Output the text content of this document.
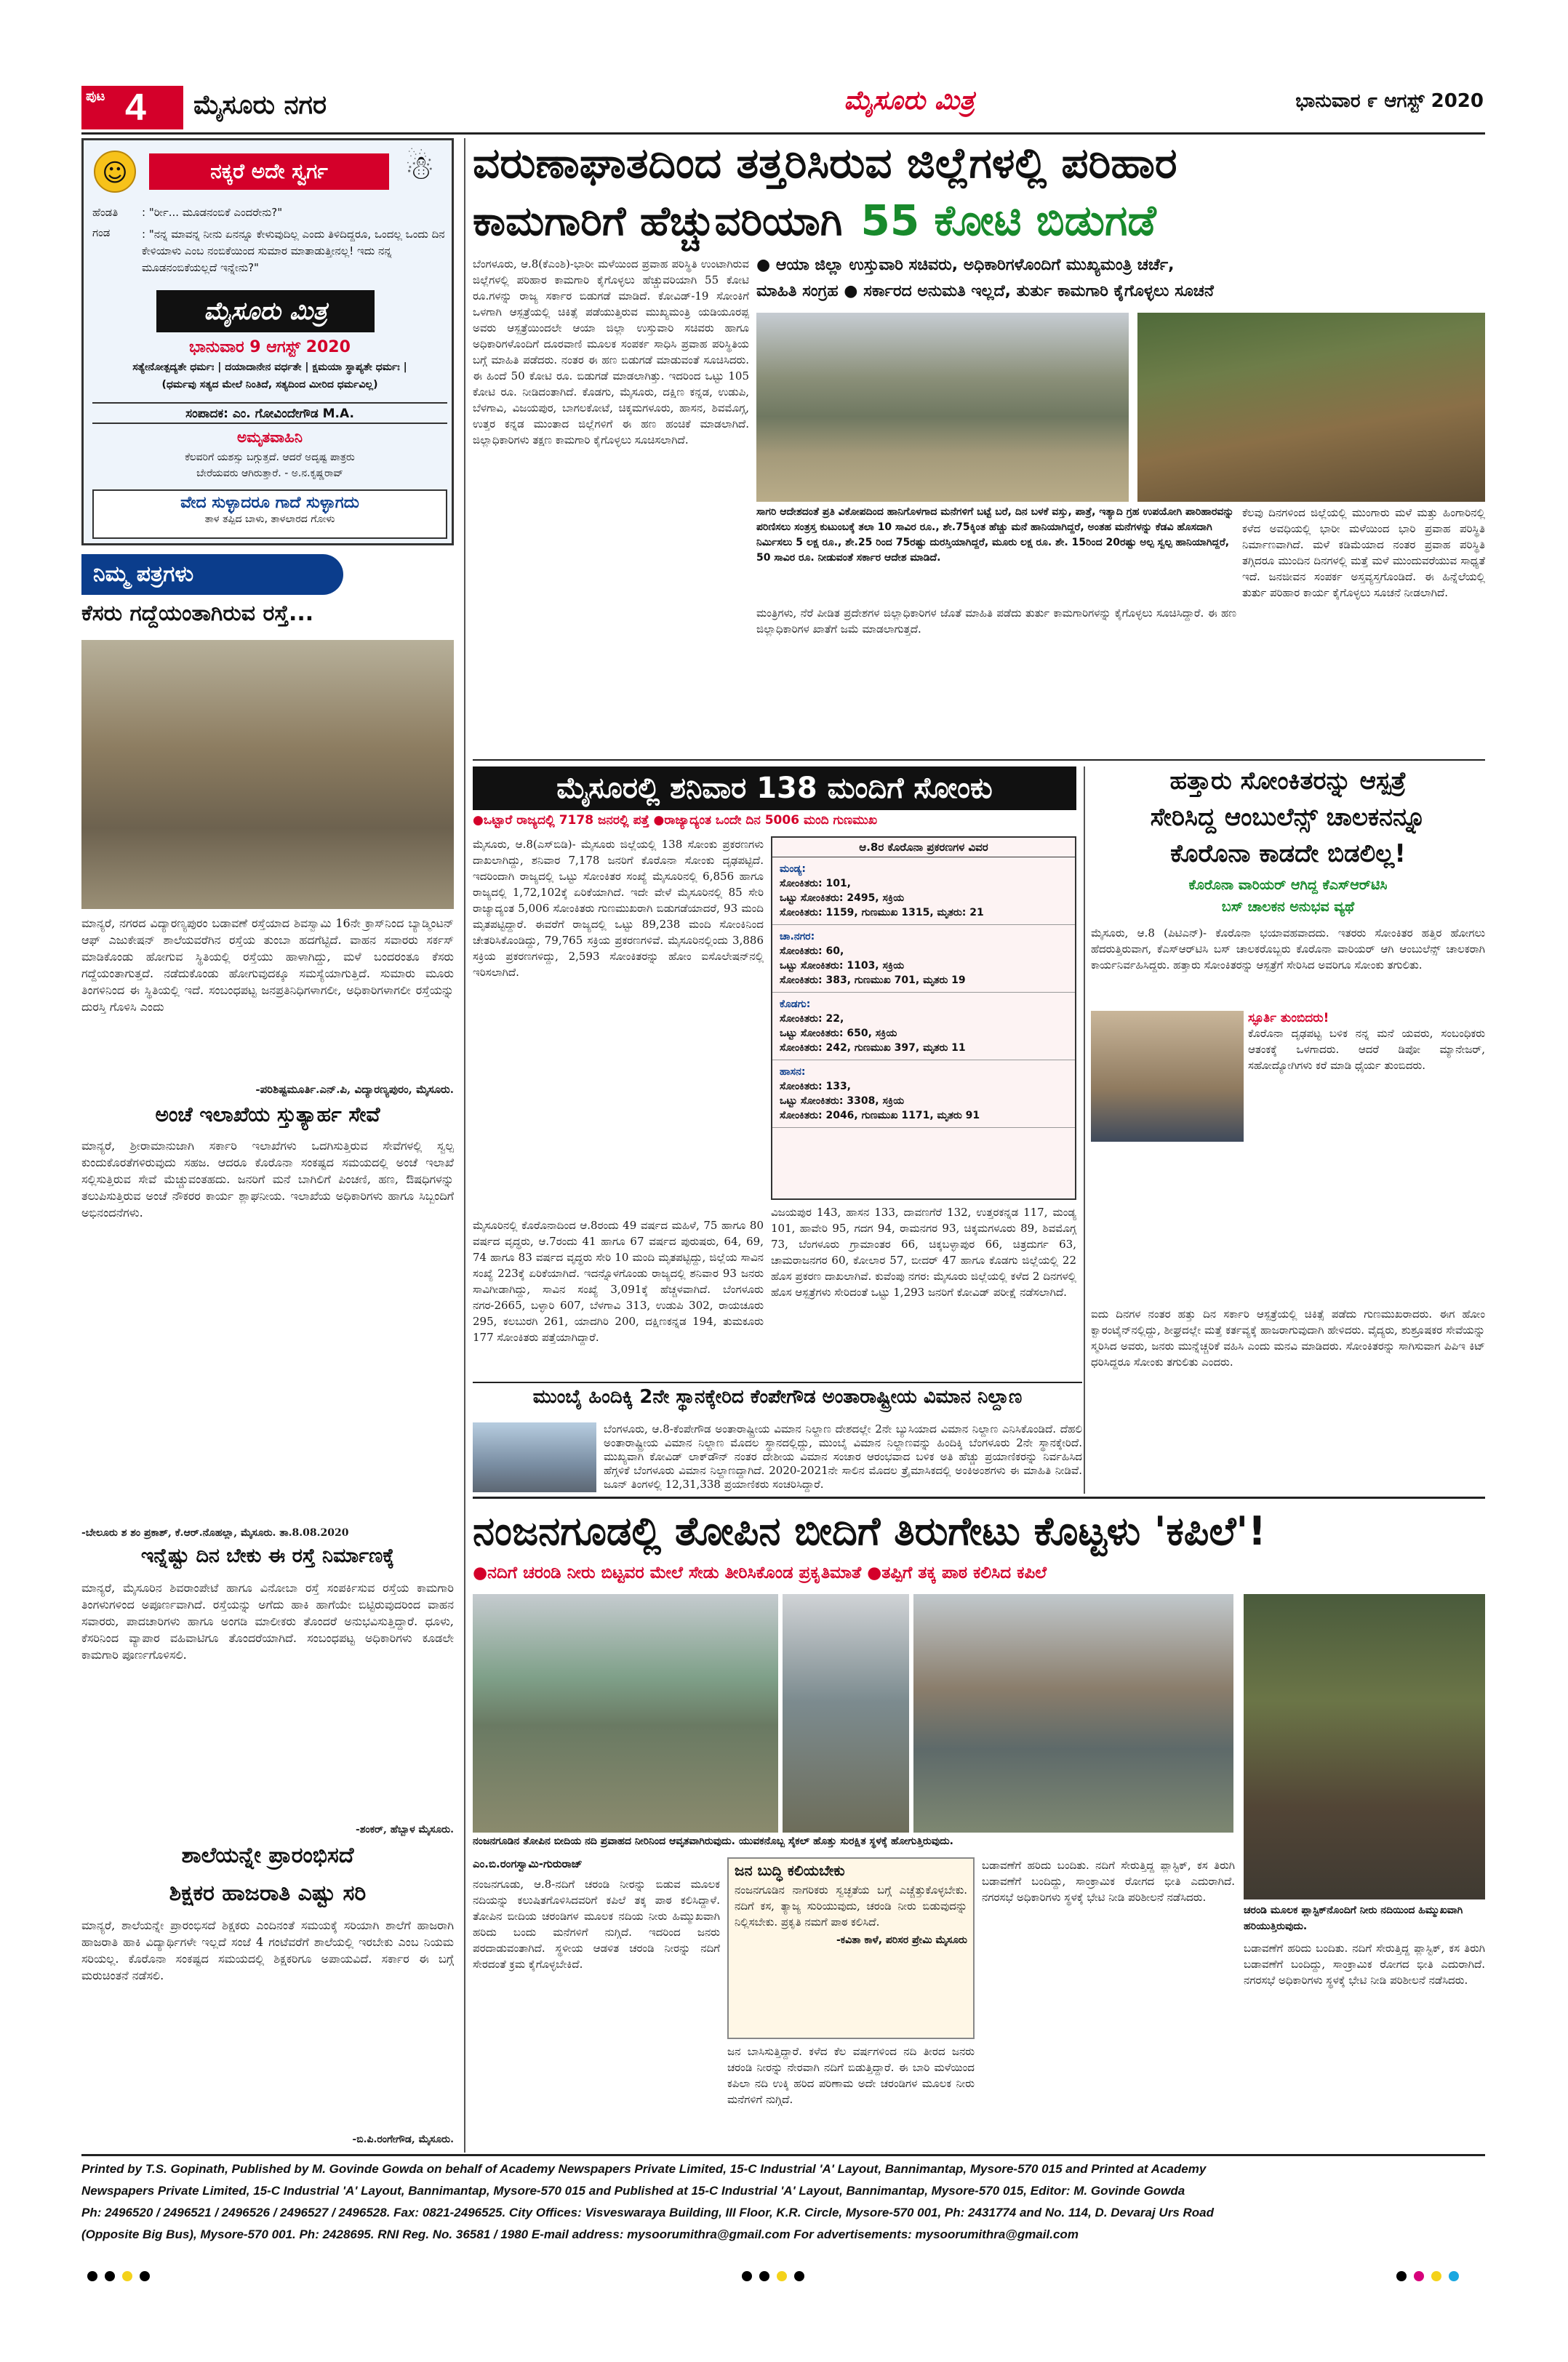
ಪುಟ 4 ಮೈಸೂರು ನಗರ	ಮೈಸೂರು ಮಿತ್ರ	ಭಾನುವಾರ ೯ ಆಗಸ್ಟ್ 2020
☺	ನಕ್ಕರೆ ಅದೇ ಸ್ವರ್ಗ	☃
ಹೆಂಡತಿ	: "ರ್ರೀ... ಮೂಡನಂಬಿಕೆ ಎಂದರೇನು?"
ಗಂಡ	: "ನನ್ನ ಮಾವನ್ನ ನೀನು ಏನನ್ನೂ ಕೇಳುವುದಿಲ್ಲ ಎಂದು ತಿಳಿದಿದ್ದರೂ, ಒಂದಲ್ಲ ಒಂದು ದಿನ ಕೇಳಿಯಾಳು ಎಂಬ ನಂಬಿಕೆಯಿಂದ ಸುಮಾರ ಮಾತಾಡುತ್ತೀನಲ್ಲ! ಇದು ನನ್ನ ಮೂಡನಂಬಿಕೆಯಲ್ಲದೆ ಇನ್ನೇನು?"
ಮೈಸೂರು ಮಿತ್ರ
ಭಾನುವಾರ 9 ಆಗಸ್ಟ್ 2020
ಸತ್ಯೇನೋತ್ಪದ್ಯತೇ ಧರ್ಮಃ | ದಯಾದಾನೇನ ವರ್ಧತೇ | ಕ್ಷಮಯಾ ಸ್ಥಾಪ್ಯತೇ ಧರ್ಮಃ |
(ಧರ್ಮವು ಸತ್ಯದ ಮೇಲೆ ನಿಂತಿದೆ, ಸತ್ಯದಿಂದ ಮೀರಿದ ಧರ್ಮವಿಲ್ಲ)
ಸಂಪಾದಕ: ಎಂ. ಗೋವಿಂದೇಗೌಡ M.A.
ಅಮೃತವಾಹಿನಿ
ಕೆಲವರಿಗೆ ಯಶಸ್ಸು ಬಗ್ಗುತ್ತದೆ. ಆದರೆ ಅದೃಷ್ಟ ಪಾತ್ರರು
ಬೇರೆಯವರು ಆಗಿರುತ್ತಾರೆ. - ಅ.ನ.ಕೃಷ್ಣರಾವ್
ವೇದ ಸುಳ್ಳಾದರೂ ಗಾದೆ ಸುಳ್ಳಾಗದು
ತಾಳ ತಪ್ಪಿದ ಬಾಳು, ತಾಳಲಾರದ ಗೋಳು
ನಿಮ್ಮ ಪತ್ರಗಳು
ಕೆಸರು ಗದ್ದೆಯಂತಾಗಿರುವ ರಸ್ತೆ...
ಮಾನ್ಯರೆ, ನಗರದ ವಿದ್ಯಾರಣ್ಯಪುರಂ ಬಡಾವಣೆ ರಸ್ತೆಯಾದ ಶಿವಸ್ವಾಮಿ 16ನೇ ಕ್ರಾಸ್‌ನಿಂದ ಬ್ಯಾಡ್ಮಿಂಟನ್ ಆಫ್ ಎಜುಕೇಷನ್ ಶಾಲೆಯವರೆಗಿನ ರಸ್ತೆಯ ತುಂಬಾ ಹದಗೆಟ್ಟಿದೆ. ವಾಹನ ಸವಾರರು ಸರ್ಕಸ್ ಮಾಡಿಕೊಂಡು ಹೋಗುವ ಸ್ಥಿತಿಯಲ್ಲಿ ರಸ್ತೆಯು ಹಾಳಾಗಿದ್ದು, ಮಳೆ ಬಂದರಂತೂ ಕೆಸರು ಗದ್ದೆಯಂತಾಗುತ್ತದೆ. ನಡೆದುಕೊಂಡು ಹೋಗುವುದಕ್ಕೂ ಸಮಸ್ಯೆಯಾಗುತ್ತಿದೆ. ಸುಮಾರು ಮೂರು ತಿಂಗಳಿನಿಂದ ಈ ಸ್ಥಿತಿಯಲ್ಲಿ ಇದೆ. ಸಂಬಂಧಪಟ್ಟ ಜನಪ್ರತಿನಿಧಿಗಳಾಗಲೀ, ಅಧಿಕಾರಿಗಳಾಗಲೀ ರಸ್ತೆಯನ್ನು ದುರಸ್ತಿ ಗೊಳಿಸಿ ಎಂದು
-ಪರಿಶಿಷ್ಟಮೂರ್ತಿ.ಎನ್.ಪಿ, ವಿದ್ಯಾರಣ್ಯಪುರಂ, ಮೈಸೂರು.
ಅಂಚೆ ಇಲಾಖೆಯ ಸ್ತುತ್ಯಾರ್ಹ ಸೇವೆ
ಮಾನ್ಯರೆ, ಶ್ರೀರಾಮಾನುಜಾಗಿ ಸರ್ಕಾರಿ ಇಲಾಖೆಗಳು ಒದಗಿಸುತ್ತಿರುವ ಸೇವೆಗಳಲ್ಲಿ ಸ್ವಲ್ಪ ಕುಂದುಕೊರತೆಗಳಿರುವುದು ಸಹಜ. ಆದರೂ ಕೊರೊನಾ ಸಂಕಷ್ಟದ ಸಮಯದಲ್ಲಿ ಅಂಚೆ ಇಲಾಖೆ ಸಲ್ಲಿಸುತ್ತಿರುವ ಸೇವೆ ಮೆಚ್ಚುವಂತಹದು. ಜನರಿಗೆ ಮನೆ ಬಾಗಿಲಿಗೆ ಪಿಂಚಣಿ, ಹಣ, ಔಷಧಿಗಳನ್ನು ತಲುಪಿಸುತ್ತಿರುವ ಅಂಚೆ ನೌಕರರ ಕಾರ್ಯ ಶ್ಲಾಘನೀಯ. ಇಲಾಖೆಯ ಅಧಿಕಾರಿಗಳು ಹಾಗೂ ಸಿಬ್ಬಂದಿಗೆ ಅಭಿನಂದನೆಗಳು.
-ಬೇಲೂರು ಶ ಶಂ ಪ್ರಕಾಶ್, ಕೆ.ಆರ್.ನೊಹಲ್ಲಾ, ಮೈಸೂರು. ತಾ.8.08.2020
ಇನ್ನೆಷ್ಟು ದಿನ ಬೇಕು ಈ ರಸ್ತೆ ನಿರ್ಮಾಣಕ್ಕೆ
ಮಾನ್ಯರೆ, ಮೈಸೂರಿನ ಶಿವರಾಂಪೇಟೆ ಹಾಗೂ ವಿನೋಬಾ ರಸ್ತೆ ಸಂಪರ್ಕಿಸುವ ರಸ್ತೆಯ ಕಾಮಗಾರಿ ತಿಂಗಳುಗಳಿಂದ ಅಪೂರ್ಣವಾಗಿದೆ. ರಸ್ತೆಯನ್ನು ಅಗೆದು ಹಾಕಿ ಹಾಗೆಯೇ ಬಿಟ್ಟಿರುವುದರಿಂದ ವಾಹನ ಸವಾರರು, ಪಾದಚಾರಿಗಳು ಹಾಗೂ ಅಂಗಡಿ ಮಾಲೀಕರು ತೊಂದರೆ ಅನುಭವಿಸುತ್ತಿದ್ದಾರೆ. ಧೂಳು, ಕೆಸರಿನಿಂದ ವ್ಯಾಪಾರ ವಹಿವಾಟಿಗೂ ತೊಂದರೆಯಾಗಿದೆ. ಸಂಬಂಧಪಟ್ಟ ಅಧಿಕಾರಿಗಳು ಕೂಡಲೇ ಕಾಮಗಾರಿ ಪೂರ್ಣಗೊಳಿಸಲಿ.
-ಶಂಕರ್, ಹೆಬ್ಬಾಳ ಮೈಸೂರು.
ಶಾಲೆಯನ್ನೇ ಪ್ರಾರಂಭಿಸದೆ
ಶಿಕ್ಷಕರ ಹಾಜರಾತಿ ಎಷ್ಟು ಸರಿ
ಮಾನ್ಯರೆ, ಶಾಲೆಯನ್ನೇ ಪ್ರಾರಂಭಿಸದೆ ಶಿಕ್ಷಕರು ಎಂದಿನಂತೆ ಸಮಯಕ್ಕೆ ಸರಿಯಾಗಿ ಶಾಲೆಗೆ ಹಾಜರಾಗಿ ಹಾಜರಾತಿ ಹಾಕಿ ವಿದ್ಯಾರ್ಥಿಗಳೇ ಇಲ್ಲದೆ ಸಂಜೆ 4 ಗಂಟೆವರೆಗೆ ಶಾಲೆಯಲ್ಲಿ ಇರಬೇಕು ಎಂಬ ನಿಯಮ ಸರಿಯಲ್ಲ. ಕೊರೊನಾ ಸಂಕಷ್ಟದ ಸಮಯದಲ್ಲಿ ಶಿಕ್ಷಕರಿಗೂ ಅಪಾಯವಿದೆ. ಸರ್ಕಾರ ಈ ಬಗ್ಗೆ ಮರುಚಿಂತನೆ ನಡೆಸಲಿ.
-ಬಿ.ಪಿ.ರಂಗೇಗೌಡ, ಮೈಸೂರು.
ವರುಣಾಘಾತದಿಂದ ತತ್ತರಿಸಿರುವ ಜಿಲ್ಲೆಗಳಲ್ಲಿ ಪರಿಹಾರ
ಕಾಮಗಾರಿಗೆ ಹೆಚ್ಚುವರಿಯಾಗಿ 55 ಕೋಟಿ ಬಿಡುಗಡೆ
● ಆಯಾ ಜಿಲ್ಲಾ ಉಸ್ತುವಾರಿ ಸಚಿವರು, ಅಧಿಕಾರಿಗಳೊಂದಿಗೆ ಮುಖ್ಯಮಂತ್ರಿ ಚರ್ಚೆ,
ಮಾಹಿತಿ ಸಂಗ್ರಹ ● ಸರ್ಕಾರದ ಅನುಮತಿ ಇಲ್ಲದೆ, ತುರ್ತು ಕಾಮಗಾರಿ ಕೈಗೊಳ್ಳಲು ಸೂಚನೆ
ಬೆಂಗಳೂರು, ಆ.8(ಕೆಎಂಶಿ)-ಭಾರೀ ಮಳೆಯಿಂದ ಪ್ರವಾಹ ಪರಿಸ್ಥಿತಿ ಉಂಟಾಗಿರುವ ಜಿಲ್ಲೆಗಳಲ್ಲಿ ಪರಿಹಾರ ಕಾಮಗಾರಿ ಕೈಗೊಳ್ಳಲು ಹೆಚ್ಚುವರಿಯಾಗಿ 55 ಕೋಟಿ ರೂ.ಗಳನ್ನು ರಾಜ್ಯ ಸರ್ಕಾರ ಬಿಡುಗಡೆ ಮಾಡಿದೆ. ಕೋವಿಡ್-19 ಸೋಂಕಿಗೆ ಒಳಗಾಗಿ ಆಸ್ಪತ್ರೆಯಲ್ಲಿ ಚಿಕಿತ್ಸೆ ಪಡೆಯುತ್ತಿರುವ ಮುಖ್ಯಮಂತ್ರಿ ಯಡಿಯೂರಪ್ಪ ಅವರು ಆಸ್ಪತ್ರೆಯಿಂದಲೇ ಆಯಾ ಜಿಲ್ಲಾ ಉಸ್ತುವಾರಿ ಸಚಿವರು ಹಾಗೂ ಅಧಿಕಾರಿಗಳೊಂದಿಗೆ ದೂರವಾಣಿ ಮೂಲಕ ಸಂಪರ್ಕ ಸಾಧಿಸಿ ಪ್ರವಾಹ ಪರಿಸ್ಥಿತಿಯ ಬಗ್ಗೆ ಮಾಹಿತಿ ಪಡೆದರು. ನಂತರ ಈ ಹಣ ಬಿಡುಗಡೆ ಮಾಡುವಂತೆ ಸೂಚಿಸಿದರು. ಈ ಹಿಂದೆ 50 ಕೋಟಿ ರೂ. ಬಿಡುಗಡೆ ಮಾಡಲಾಗಿತ್ತು. ಇದರಿಂದ ಒಟ್ಟು 105 ಕೋಟಿ ರೂ. ನೀಡಿದಂತಾಗಿದೆ. ಕೊಡಗು, ಮೈಸೂರು, ದಕ್ಷಿಣ ಕನ್ನಡ, ಉಡುಪಿ, ಬೆಳಗಾವಿ, ವಿಜಯಪುರ, ಬಾಗಲಕೋಟೆ, ಚಿಕ್ಕಮಗಳೂರು, ಹಾಸನ, ಶಿವಮೊಗ್ಗ, ಉತ್ತರ ಕನ್ನಡ ಮುಂತಾದ ಜಿಲ್ಲೆಗಳಿಗೆ ಈ ಹಣ ಹಂಚಿಕೆ ಮಾಡಲಾಗಿದೆ. ಜಿಲ್ಲಾಧಿಕಾರಿಗಳು ತಕ್ಷಣ ಕಾಮಗಾರಿ ಕೈಗೊಳ್ಳಲು ಸೂಚಿಸಲಾಗಿದೆ.
ಸಾಗರಿ ಆದೇಶದಂತೆ ಪ್ರತಿ ವಿಕೋಪದಿಂದ ಹಾನಿಗೊಳಗಾದ ಮನೆಗಳಿಗೆ ಬಟ್ಟೆ ಬರೆ, ದಿನ ಬಳಕೆ ವಸ್ತು, ಪಾತ್ರೆ, ಇತ್ಯಾದಿ ಗ್ರಹ ಉಪಯೋಗಿ ಪಾರಿಹಾರವನ್ನು ಪರಿಣಿಸಲು ಸಂತ್ರಸ್ತ ಕುಟುಂಬಕ್ಕೆ ತಲಾ 10 ಸಾವಿರ ರೂ., ಶೇ.75ಕ್ಕಿಂತ ಹೆಚ್ಚು ಮನೆ ಹಾನಿಯಾಗಿದ್ದರೆ, ಅಂತಹ ಮನೆಗಳನ್ನು ಕೆಡವಿ ಹೊಸದಾಗಿ ನಿರ್ಮಿಸಲು 5 ಲಕ್ಷ ರೂ., ಶೇ.25 ರಿಂದ 75ರಷ್ಟು ದುರಸ್ತಿಯಾಗಿದ್ದರೆ, ಮೂರು ಲಕ್ಷ ರೂ. ಶೇ. 15ರಿಂದ 20ರಷ್ಟು ಅಲ್ಪ ಸ್ವಲ್ಪ ಹಾನಿಯಾಗಿದ್ದರೆ, 50 ಸಾವಿರ ರೂ. ನೀಡುವಂತೆ ಸರ್ಕಾರ ಆದೇಶ ಮಾಡಿದೆ.
ಕೆಲವು ದಿನಗಳಿಂದ ಜಿಲ್ಲೆಯಲ್ಲಿ ಮುಂಗಾರು ಮಳೆ ಮತ್ತು ಹಿಂಗಾರಿನಲ್ಲಿ ಕಳೆದ ಅವಧಿಯಲ್ಲಿ ಭಾರೀ ಮಳೆಯಿಂದ ಭಾರಿ ಪ್ರವಾಹ ಪರಿಸ್ಥಿತಿ ನಿರ್ಮಾಣವಾಗಿದೆ. ಮಳೆ ಕಡಿಮೆಯಾದ ನಂತರ ಪ್ರವಾಹ ಪರಿಸ್ಥಿತಿ ತಗ್ಗಿದರೂ ಮುಂದಿನ ದಿನಗಳಲ್ಲಿ ಮತ್ತೆ ಮಳೆ ಮುಂದುವರೆಯುವ ಸಾಧ್ಯತೆ ಇದೆ. ಜನಜೀವನ ಸಂಪರ್ಕ ಅಸ್ತವ್ಯಸ್ತಗೊಂಡಿದೆ. ಈ ಹಿನ್ನೆಲೆಯಲ್ಲಿ ತುರ್ತು ಪರಿಹಾರ ಕಾರ್ಯ ಕೈಗೊಳ್ಳಲು ಸೂಚನೆ ನೀಡಲಾಗಿದೆ.
ಮಂತ್ರಿಗಳು, ನೆರೆ ಪೀಡಿತ ಪ್ರದೇಶಗಳ ಜಿಲ್ಲಾಧಿಕಾರಿಗಳ ಜೊತೆ ಮಾಹಿತಿ ಪಡೆದು ತುರ್ತು ಕಾಮಗಾರಿಗಳನ್ನು ಕೈಗೊಳ್ಳಲು ಸೂಚಿಸಿದ್ದಾರೆ. ಈ ಹಣ ಜಿಲ್ಲಾಧಿಕಾರಿಗಳ ಖಾತೆಗೆ ಜಮೆ ಮಾಡಲಾಗುತ್ತದೆ.
ಮೈಸೂರಲ್ಲಿ ಶನಿವಾರ 138 ಮಂದಿಗೆ ಸೋಂಕು
●ಒಟ್ಟಾರೆ ರಾಜ್ಯದಲ್ಲಿ 7178 ಜನರಲ್ಲಿ ಪತ್ತೆ ●ರಾಜ್ಯಾದ್ಯಂತ ಒಂದೇ ದಿನ 5006 ಮಂದಿ ಗುಣಮುಖ
ಮೈಸೂರು, ಆ.8(ಎಸ್‌ಬಿಡಿ)- ಮೈಸೂರು ಜಿಲ್ಲೆಯಲ್ಲಿ 138 ಸೋಂಕು ಪ್ರಕರಣಗಳು ದಾಖಲಾಗಿದ್ದು, ಶನಿವಾರ 7,178 ಜನರಿಗೆ ಕೊರೊನಾ ಸೋಂಕು ದೃಢಪಟ್ಟಿದೆ. ಇದರಿಂದಾಗಿ ರಾಜ್ಯದಲ್ಲಿ ಒಟ್ಟು ಸೋಂಕಿತರ ಸಂಖ್ಯೆ ಮೈಸೂರಿನಲ್ಲಿ 6,856 ಹಾಗೂ ರಾಜ್ಯದಲ್ಲಿ 1,72,102ಕ್ಕೆ ಏರಿಕೆಯಾಗಿದೆ. ಇದೇ ವೇಳೆ ಮೈಸೂರಿನಲ್ಲಿ 85 ಸೇರಿ ರಾಜ್ಯಾದ್ಯಂತ 5,006 ಸೋಂಕಿತರು ಗುಣಮುಖರಾಗಿ ಬಿಡುಗಡೆಯಾದರೆ, 93 ಮಂದಿ ಮೃತಪಟ್ಟಿದ್ದಾರೆ. ಈವರೆಗೆ ರಾಜ್ಯದಲ್ಲಿ ಒಟ್ಟು 89,238 ಮಂದಿ ಸೋಂಕಿನಿಂದ ಚೇತರಿಸಿಕೊಂಡಿದ್ದು, 79,765 ಸಕ್ರಿಯ ಪ್ರಕರಣಗಳಿವೆ. ಮೈಸೂರಿನಲ್ಲಿಂದು 3,886 ಸಕ್ರಿಯ ಪ್ರಕರಣಗಳಿದ್ದು, 2,593 ಸೋಂಕಿತರನ್ನು ಹೋಂ ಐಸೊಲೇಷನ್‌ನಲ್ಲಿ ಇರಿಸಲಾಗಿದೆ.
ಮೈಸೂರಿನಲ್ಲಿ ಕೊರೊನಾದಿಂದ ಆ.8ರಂದು 49 ವರ್ಷದ ಮಹಿಳೆ, 75 ಹಾಗೂ 80 ವರ್ಷದ ವೃದ್ಧರು, ಆ.7ರಂದು 41 ಹಾಗೂ 67 ವರ್ಷದ ಪುರುಷರು, 64, 69, 74 ಹಾಗೂ 83 ವರ್ಷದ ವೃದ್ಧರು ಸೇರಿ 10 ಮಂದಿ ಮೃತಪಟ್ಟಿದ್ದು, ಜಿಲ್ಲೆಯ ಸಾವಿನ ಸಂಖ್ಯೆ 223ಕ್ಕೆ ಏರಿಕೆಯಾಗಿದೆ. ಇದನ್ನೊಳಗೊಂಡು ರಾಜ್ಯದಲ್ಲಿ ಶನಿವಾರ 93 ಜನರು ಸಾವಿಗೀಡಾಗಿದ್ದು, ಸಾವಿನ ಸಂಖ್ಯೆ 3,091ಕ್ಕೆ ಹೆಚ್ಚಳವಾಗಿದೆ. ಬೆಂಗಳೂರು ನಗರ-2665, ಬಳ್ಳಾರಿ 607, ಬೆಳಗಾವಿ 313, ಉಡುಪಿ 302, ರಾಯಚೂರು 295, ಕಲಬುರಗಿ 261, ಯಾದಗಿರಿ 200, ದಕ್ಷಿಣಕನ್ನಡ 194, ತುಮಕೂರು 177 ಸೋಂಕಿತರು ಪತ್ತೆಯಾಗಿದ್ದಾರೆ.
ಆ.8ರ ಕೊರೊನಾ ಪ್ರಕರಣಗಳ ವಿವರ
ಮಂಡ್ಯ:
ಸೋಂಕಿತರು: 101,
ಒಟ್ಟು ಸೋಂಕಿತರು: 2495, ಸಕ್ರಿಯ
ಸೋಂಕಿತರು: 1159, ಗುಣಮುಖ 1315, ಮೃತರು: 21
ಚಾ.ನಗರ:
ಸೋಂಕಿತರು: 60,
ಒಟ್ಟು ಸೋಂಕಿತರು: 1103, ಸಕ್ರಿಯ
ಸೋಂಕಿತರು: 383, ಗುಣಮುಖ 701, ಮೃತರು 19
ಕೊಡಗು:
ಸೋಂಕಿತರು: 22,
ಒಟ್ಟು ಸೋಂಕಿತರು: 650, ಸಕ್ರಿಯ
ಸೋಂಕಿತರು: 242, ಗುಣಮುಖ 397, ಮೃತರು 11
ಹಾಸನ:
ಸೋಂಕಿತರು: 133,
ಒಟ್ಟು ಸೋಂಕಿತರು: 3308, ಸಕ್ರಿಯ
ಸೋಂಕಿತರು: 2046, ಗುಣಮುಖ 1171, ಮೃತರು 91
ವಿಜಯಪುರ 143, ಹಾಸನ 133, ದಾವಣಗೆರೆ 132, ಉತ್ತರಕನ್ನಡ 117, ಮಂಡ್ಯ 101, ಹಾವೇರಿ 95, ಗದಗ 94, ರಾಮನಗರ 93, ಚಿಕ್ಕಮಗಳೂರು 89, ಶಿವಮೊಗ್ಗ 73, ಬೆಂಗಳೂರು ಗ್ರಾಮಾಂತರ 66, ಚಿಕ್ಕಬಳ್ಳಾಪುರ 66, ಚಿತ್ರದುರ್ಗ 63, ಚಾಮರಾಜನಗರ 60, ಕೋಲಾರ 57, ಬೀದರ್ 47 ಹಾಗೂ ಕೊಡಗು ಜಿಲ್ಲೆಯಲ್ಲಿ 22 ಹೊಸ ಪ್ರಕರಣ ದಾಖಲಾಗಿವೆ. ಕುವೆಂಪು ನಗರ: ಮೈಸೂರು ಜಿಲ್ಲೆಯಲ್ಲಿ ಕಳೆದ 2 ದಿನಗಳಲ್ಲಿ ಹೊಸ ಆಸ್ಪತ್ರೆಗಳು ಸೇರಿದಂತೆ ಒಟ್ಟು 1,293 ಜನರಿಗೆ ಕೋವಿಡ್ ಪರೀಕ್ಷೆ ನಡೆಸಲಾಗಿದೆ.
ಹತ್ತಾರು ಸೋಂಕಿತರನ್ನು ಆಸ್ಪತ್ರೆ
ಸೇರಿಸಿದ್ದ ಆಂಬುಲೆನ್ಸ್ ಚಾಲಕನನ್ನೂ
ಕೊರೊನಾ ಕಾಡದೇ ಬಿಡಲಿಲ್ಲ!
ಕೊರೊನಾ ವಾರಿಯರ್ ಆಗಿದ್ದ ಕೆಎಸ್‌ಆರ್‌ಟಿಸಿ
ಬಸ್ ಚಾಲಕನ ಅನುಭವ ವ್ಯಥೆ
ಮೈಸೂರು, ಆ.8 (ಪಿಟಿಎನ್)- ಕೊರೊನಾ ಭಯಾವಹವಾದದು. ಇತರರು ಸೋಂಕಿತರ ಹತ್ತಿರ ಹೋಗಲು ಹೆದರುತ್ತಿರುವಾಗ, ಕೆಎಸ್‌ಆರ್‌ಟಿಸಿ ಬಸ್ ಚಾಲಕರೊಬ್ಬರು ಕೊರೊನಾ ವಾರಿಯರ್ ಆಗಿ ಆಂಬುಲೆನ್ಸ್ ಚಾಲಕರಾಗಿ ಕಾರ್ಯನಿರ್ವಹಿಸಿದ್ದರು. ಹತ್ತಾರು ಸೋಂಕಿತರನ್ನು ಆಸ್ಪತ್ರೆಗೆ ಸೇರಿಸಿದ ಅವರಿಗೂ ಸೋಂಕು ತಗುಲಿತು.
ಸ್ಫೂರ್ತಿ ತುಂಬಿದರು!
ಕೊರೊನಾ ದೃಢಪಟ್ಟ ಬಳಿಕ ನನ್ನ ಮನೆ ಯವರು, ಸಂಬಂಧಿಕರು ಆತಂಕಕ್ಕೆ ಒಳಗಾದರು. ಆದರೆ ಡಿಪೋ ಮ್ಯಾನೇಜರ್, ಸಹೋದ್ಯೋಗಿಗಳು ಕರೆ ಮಾಡಿ ಧೈರ್ಯ ತುಂಬಿದರು.
ಐದು ದಿನಗಳ ನಂತರ ಹತ್ತು ದಿನ ಸರ್ಕಾರಿ ಆಸ್ಪತ್ರೆಯಲ್ಲಿ ಚಿಕಿತ್ಸೆ ಪಡೆದು ಗುಣಮುಖರಾದರು. ಈಗ ಹೋಂ ಕ್ವಾರಂಟೈನ್‌ನಲ್ಲಿದ್ದು, ಶೀಘ್ರದಲ್ಲೇ ಮತ್ತೆ ಕರ್ತವ್ಯಕ್ಕೆ ಹಾಜರಾಗುವುದಾಗಿ ಹೇಳಿದರು. ವೈದ್ಯರು, ಶುಶ್ರೂಷಕರ ಸೇವೆಯನ್ನು ಸ್ಮರಿಸಿದ ಅವರು, ಜನರು ಮುನ್ನೆಚ್ಚರಿಕೆ ವಹಿಸಿ ಎಂದು ಮನವಿ ಮಾಡಿದರು. ಸೋಂಕಿತರನ್ನು ಸಾಗಿಸುವಾಗ ಪಿಪಿಇ ಕಿಟ್ ಧರಿಸಿದ್ದರೂ ಸೋಂಕು ತಗುಲಿತು ಎಂದರು.
ಮುಂಬೈ ಹಿಂದಿಕ್ಕಿ 2ನೇ ಸ್ಥಾನಕ್ಕೇರಿದ ಕೆಂಪೇಗೌಡ ಅಂತಾರಾಷ್ಟ್ರೀಯ ವಿಮಾನ ನಿಲ್ದಾಣ
ಬೆಂಗಳೂರು, ಆ.8-ಕೆಂಪೇಗೌಡ ಅಂತಾರಾಷ್ಟ್ರೀಯ ವಿಮಾನ ನಿಲ್ದಾಣ ದೇಶದಲ್ಲೇ 2ನೇ ಬ್ಯುಸಿಯಾದ ವಿಮಾನ ನಿಲ್ದಾಣ ಎನಿಸಿಕೊಂಡಿದೆ. ದೆಹಲಿ ಅಂತಾರಾಷ್ಟ್ರೀಯ ವಿಮಾನ ನಿಲ್ದಾಣ ಮೊದಲ ಸ್ಥಾನದಲ್ಲಿದ್ದು, ಮುಂಬೈ ವಿಮಾನ ನಿಲ್ದಾಣವನ್ನು ಹಿಂದಿಕ್ಕಿ ಬೆಂಗಳೂರು 2ನೇ ಸ್ಥಾನಕ್ಕೇರಿದೆ. ಮುಖ್ಯವಾಗಿ ಕೋವಿಡ್ ಲಾಕ್‌ಡೌನ್ ನಂತರ ದೇಶೀಯ ವಿಮಾನ ಸಂಚಾರ ಆರಂಭವಾದ ಬಳಿಕ ಅತಿ ಹೆಚ್ಚು ಪ್ರಯಾಣಿಕರನ್ನು ನಿರ್ವಹಿಸಿದ ಹೆಗ್ಗಳಿಕೆ ಬೆಂಗಳೂರು ವಿಮಾನ ನಿಲ್ದಾಣದ್ದಾಗಿದೆ. 2020-2021ನೇ ಸಾಲಿನ ಮೊದಲ ತ್ರೈಮಾಸಿಕದಲ್ಲಿ ಅಂಕಿಅಂಶಗಳು ಈ ಮಾಹಿತಿ ನೀಡಿವೆ. ಜೂನ್ ತಿಂಗಳಲ್ಲಿ 12,31,338 ಪ್ರಯಾಣಿಕರು ಸಂಚರಿಸಿದ್ದಾರೆ.
ನಂಜನಗೂಡಲ್ಲಿ ತೋಪಿನ ಬೀದಿಗೆ ತಿರುಗೇಟು ಕೊಟ್ಟಳು 'ಕಪಿಲೆ'!
●ನದಿಗೆ ಚರಂಡಿ ನೀರು ಬಿಟ್ಟವರ ಮೇಲೆ ಸೇಡು ತೀರಿಸಿಕೊಂಡ ಪ್ರಕೃತಿಮಾತೆ ●ತಪ್ಪಿಗೆ ತಕ್ಕ ಪಾಠ ಕಲಿಸಿದ ಕಪಿಲೆ
ನಂಜನಗೂಡಿನ ತೋಪಿನ ಬೀದಿಯ ನದಿ ಪ್ರವಾಹದ ನೀರಿನಿಂದ ಆವೃತವಾಗಿರುವುದು. ಯುವಕನೊಬ್ಬ ಸೈಕಲ್ ಹೊತ್ತು ಸುರಕ್ಷಿತ ಸ್ಥಳಕ್ಕೆ ಹೋಗುತ್ತಿರುವುದು.
ಚರಂಡಿ ಮೂಲಕ ಪ್ಲಾಸ್ಟಿಕ್‌ನೊಂದಿಗೆ ನೀರು ನದಿಯಿಂದ ಹಿಮ್ಮುಖವಾಗಿ ಹರಿಯುತ್ತಿರುವುದು.
ಎಂ.ಬಿ.ರಂಗಸ್ವಾಮಿ-ಗುರುರಾಜ್
ನಂಜನಗೂಡು, ಆ.8-ನದಿಗೆ ಚರಂಡಿ ನೀರನ್ನು ಬಿಡುವ ಮೂಲಕ ನದಿಯನ್ನು ಕಲುಷಿತಗೊಳಿಸಿದವರಿಗೆ ಕಪಿಲೆ ತಕ್ಕ ಪಾಠ ಕಲಿಸಿದ್ದಾಳೆ. ತೋಪಿನ ಬೀದಿಯ ಚರಂಡಿಗಳ ಮೂಲಕ ನದಿಯ ನೀರು ಹಿಮ್ಮುಖವಾಗಿ ಹರಿದು ಬಂದು ಮನೆಗಳಿಗೆ ನುಗ್ಗಿದೆ. ಇದರಿಂದ ಜನರು ಪರದಾಡುವಂತಾಗಿದೆ. ಸ್ಥಳೀಯ ಆಡಳಿತ ಚರಂಡಿ ನೀರನ್ನು ನದಿಗೆ ಸೇರದಂತೆ ಕ್ರಮ ಕೈಗೊಳ್ಳಬೇಕಿದೆ.
ಜನ ಬುದ್ಧಿ ಕಲಿಯಬೇಕು
ನಂಜನಗೂಡಿನ ನಾಗರಿಕರು ಸ್ವಚ್ಛತೆಯ ಬಗ್ಗೆ ಎಚ್ಚೆತ್ತುಕೊಳ್ಳಬೇಕು. ನದಿಗೆ ಕಸ, ತ್ಯಾಜ್ಯ ಸುರಿಯುವುದು, ಚರಂಡಿ ನೀರು ಬಿಡುವುದನ್ನು ನಿಲ್ಲಿಸಬೇಕು. ಪ್ರಕೃತಿ ನಮಗೆ ಪಾಠ ಕಲಿಸಿದೆ.
-ಕವಿತಾ ಕಾಳೆ, ಪರಿಸರ ಪ್ರೇಮಿ ಮೈಸೂರು
ಜನ ಬಾಸಿಸುತ್ತಿದ್ದಾರೆ. ಕಳೆದ ಕೆಲ ವರ್ಷಗಳಿಂದ ನದಿ ತೀರದ ಜನರು ಚರಂಡಿ ನೀರನ್ನು ನೇರವಾಗಿ ನದಿಗೆ ಬಿಡುತ್ತಿದ್ದಾರೆ. ಈ ಬಾರಿ ಮಳೆಯಿಂದ ಕಪಿಲಾ ನದಿ ಉಕ್ಕಿ ಹರಿದ ಪರಿಣಾಮ ಅದೇ ಚರಂಡಿಗಳ ಮೂಲಕ ನೀರು ಮನೆಗಳಿಗೆ ನುಗ್ಗಿದೆ.
ಬಡಾವಣೆಗೆ ಹರಿದು ಬಂದಿತು. ನದಿಗೆ ಸೇರುತ್ತಿದ್ದ ಪ್ಲಾಸ್ಟಿಕ್, ಕಸ ತಿರುಗಿ ಬಡಾವಣೆಗೆ ಬಂದಿದ್ದು, ಸಾಂಕ್ರಾಮಿಕ ರೋಗದ ಭೀತಿ ಎದುರಾಗಿದೆ. ನಗರಸಭೆ ಅಧಿಕಾರಿಗಳು ಸ್ಥಳಕ್ಕೆ ಭೇಟಿ ನೀಡಿ ಪರಿಶೀಲನೆ ನಡೆಸಿದರು.
ಬಡಾವಣೆಗೆ ಹರಿದು ಬಂದಿತು. ನದಿಗೆ ಸೇರುತ್ತಿದ್ದ ಪ್ಲಾಸ್ಟಿಕ್, ಕಸ ತಿರುಗಿ ಬಡಾವಣೆಗೆ ಬಂದಿದ್ದು, ಸಾಂಕ್ರಾಮಿಕ ರೋಗದ ಭೀತಿ ಎದುರಾಗಿದೆ. ನಗರಸಭೆ ಅಧಿಕಾರಿಗಳು ಸ್ಥಳಕ್ಕೆ ಭೇಟಿ ನೀಡಿ ಪರಿಶೀಲನೆ ನಡೆಸಿದರು.
Printed by T.S. Gopinath, Published by M. Govinde Gowda on behalf of Academy Newspapers Private Limited, 15-C Industrial 'A' Layout, Bannimantap, Mysore-570 015 and Printed at Academy
Newspapers Private Limited, 15-C Industrial 'A' Layout, Bannimantap, Mysore-570 015 and Published at 15-C Industrial 'A' Layout, Bannimantap, Mysore-570 015, Editor: M. Govinde Gowda
Ph: 2496520 / 2496521 / 2496526 / 2496527 / 2496528. Fax: 0821-2496525. City Offices: Visveswaraya Building, III Floor, K.R. Circle, Mysore-570 001, Ph: 2431774 and No. 114, D. Devaraj Urs Road
(Opposite Big Bus), Mysore-570 001. Ph: 2428695. RNI Reg. No. 36581 / 1980 E-mail address: mysoorumithra@gmail.com For advertisements: mysoorumithra@gmail.com
